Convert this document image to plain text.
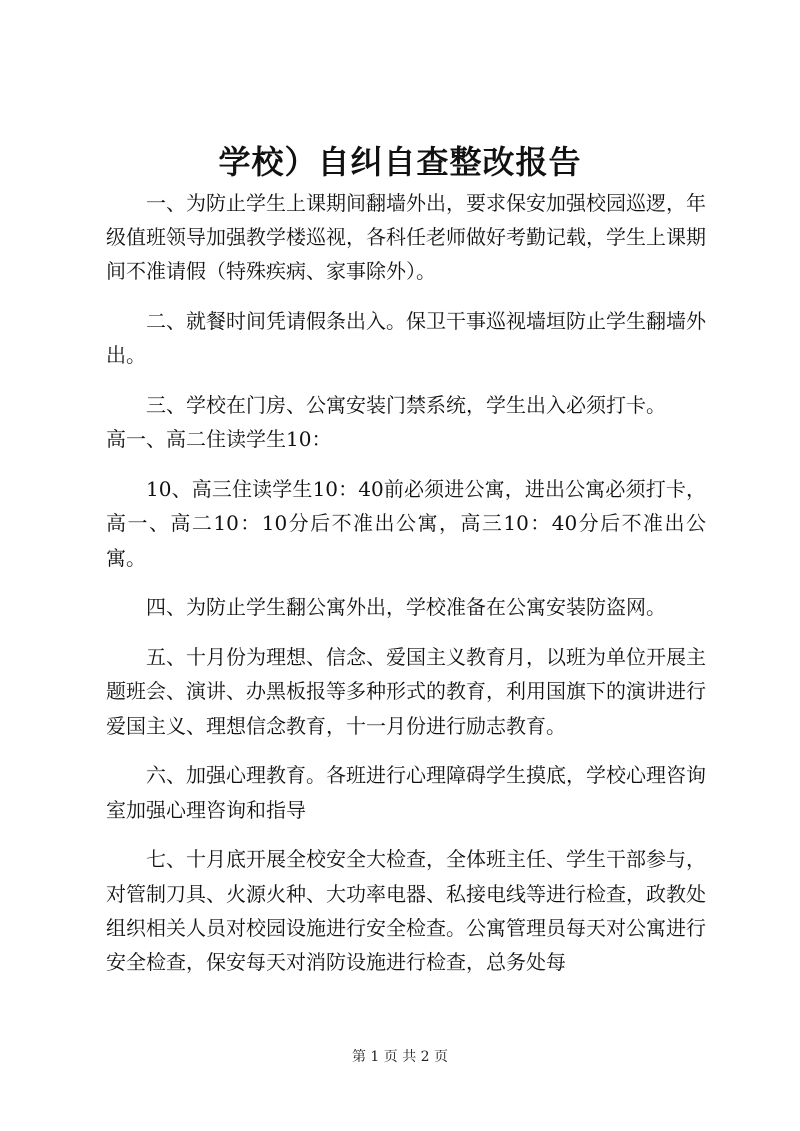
学校）自纠自查整改报告

一、为防止学生上课期间翻墙外出，要求保安加强校园巡逻，年级值班领导加强教学楼巡视，各科任老师做好考勤记载，学生上课期间不准请假（特殊疾病、家事除外）。

二、就餐时间凭请假条出入。保卫干事巡视墙垣防止学生翻墙外出。

三、学校在门房、公寓安装门禁系统，学生出入必须打卡。

高一、高二住读学生10：

10、高三住读学生10：40前必须进公寓，进出公寓必须打卡，高一、高二10：10分后不准出公寓，高三10：40分后不准出公寓。

四、为防止学生翻公寓外出，学校准备在公寓安装防盗网。

五、十月份为理想、信念、爱国主义教育月，以班为单位开展主题班会、演讲、办黑板报等多种形式的教育，利用国旗下的演讲进行爱国主义、理想信念教育，十一月份进行励志教育。

六、加强心理教育。各班进行心理障碍学生摸底，学校心理咨询室加强心理咨询和指导

七、十月底开展全校安全大检查，全体班主任、学生干部参与，对管制刀具、火源火种、大功率电器、私接电线等进行检查，政教处组织相关人员对校园设施进行安全检查。公寓管理员每天对公寓进行安全检查，保安每天对消防设施进行检查，总务处每

第 1 页 共 2 页
